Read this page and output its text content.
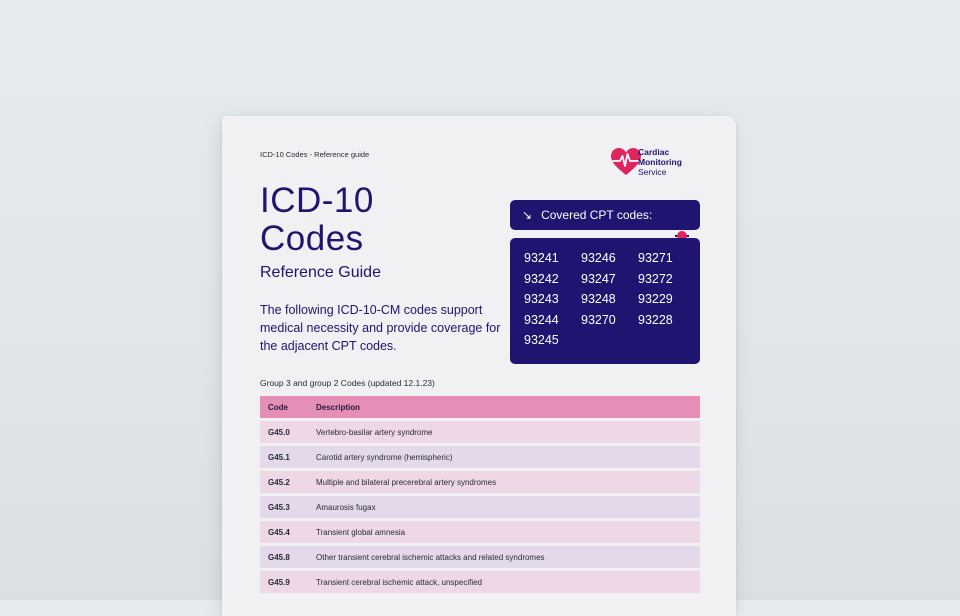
ICD-10 Codes - Reference guide	Cardiac
Monitoring
Service
ICD-10
Codes
Reference Guide
The following ICD-10-CM codes support medical necessity and provide coverage for the adjacent CPT codes.
↘ Covered CPT codes:
93241	93246	93271
93242	93247	93272
93243	93248	93229
93244	93270	93228
93245
Group 3 and group 2 Codes (updated 12.1.23)
Code	Description
G45.0	Vertebro-basilar artery syndrome
G45.1	Carotid artery syndrome (hemispheric)
G45.2	Multiple and bilateral precerebral artery syndromes
G45.3	Amaurosis fugax
G45.4	Transient global amnesia
G45.8	Other transient cerebral ischemic attacks and related syndromes
G45.9	Transient cerebral ischemic attack, unspecified
